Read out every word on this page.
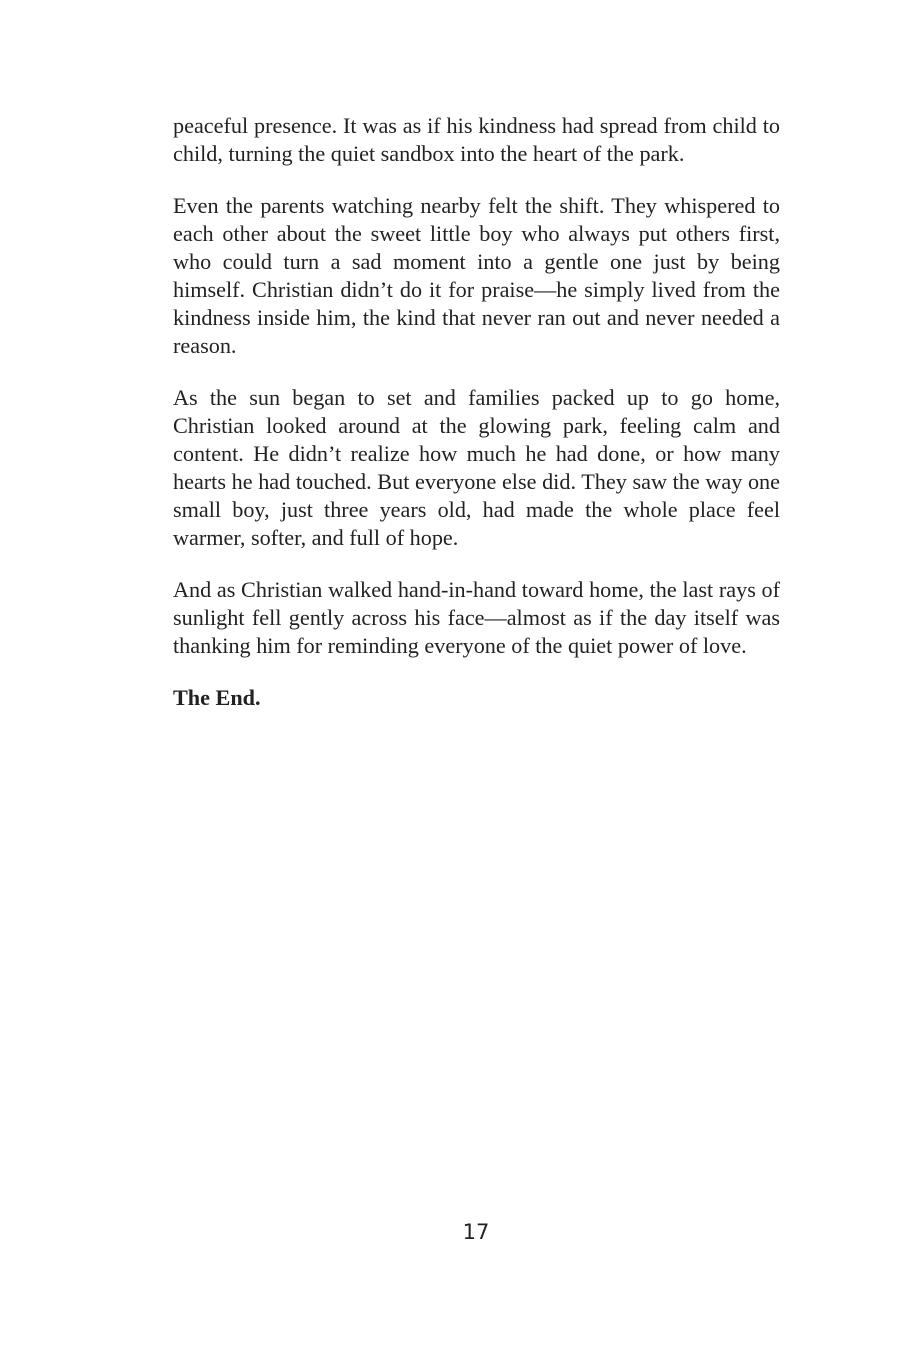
peaceful presence. It was as if his kindness had spread from child to child, turning the quiet sandbox into the heart of the park.

Even the parents watching nearby felt the shift. They whispered to each other about the sweet little boy who always put others first, who could turn a sad moment into a gentle one just by being himself. Christian didn’t do it for praise—he simply lived from the kindness inside him, the kind that never ran out and never needed a reason.

As the sun began to set and families packed up to go home, Christian looked around at the glowing park, feeling calm and content. He didn’t realize how much he had done, or how many hearts he had touched. But everyone else did. They saw the way one small boy, just three years old, had made the whole place feel warmer, softer, and full of hope.

And as Christian walked hand-in-hand toward home, the last rays of sunlight fell gently across his face—almost as if the day itself was thanking him for reminding everyone of the quiet power of love.

The End.

17
